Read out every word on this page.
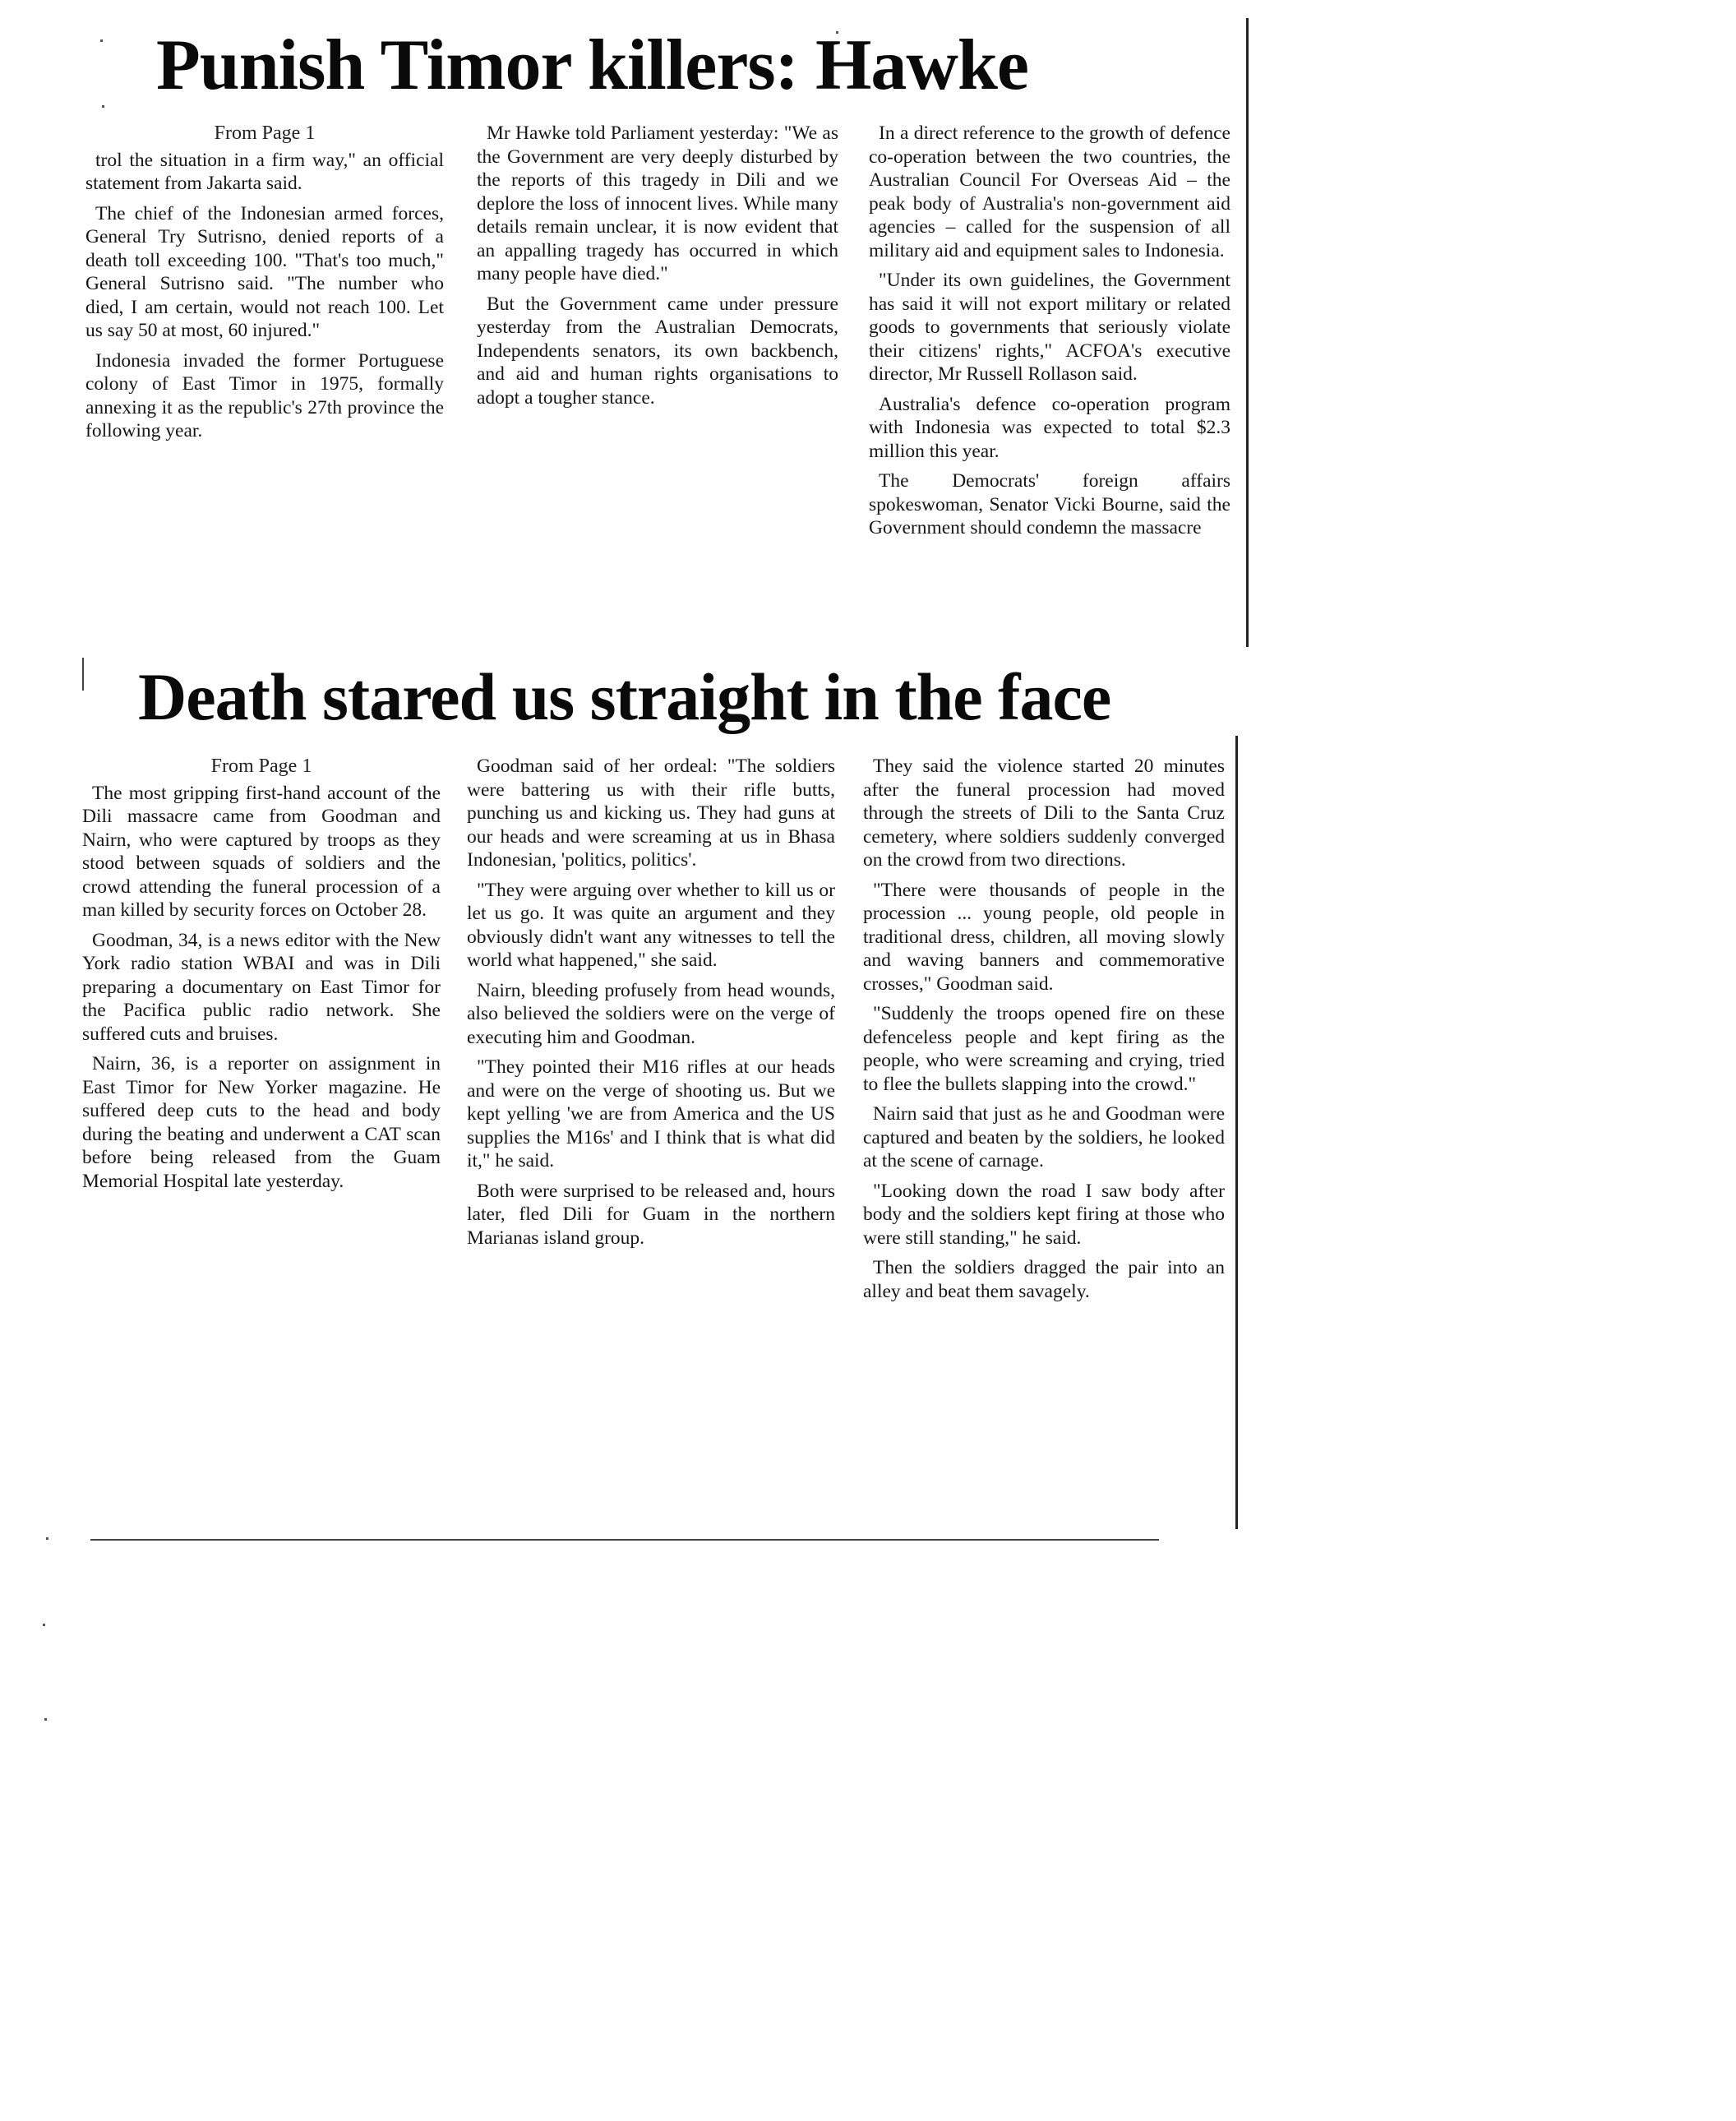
Punish Timor killers: Hawke

From Page 1

trol the situation in a firm way," an official statement from Jakarta said.

The chief of the Indonesian armed forces, General Try Sutrisno, denied reports of a death toll exceeding 100. "That's too much," General Sutrisno said. "The number who died, I am certain, would not reach 100. Let us say 50 at most, 60 injured."

Indonesia invaded the former Portuguese colony of East Timor in 1975, formally annexing it as the republic's 27th province the following year.

Mr Hawke told Parliament yesterday: "We as the Government are very deeply disturbed by the reports of this tragedy in Dili and we deplore the loss of innocent lives. While many details remain unclear, it is now evident that an appalling tragedy has occurred in which many people have died."

But the Government came under pressure yesterday from the Australian Democrats, Independents senators, its own backbench, and aid and human rights organisations to adopt a tougher stance.

In a direct reference to the growth of defence co-operation between the two countries, the Australian Council For Overseas Aid – the peak body of Australia's non-government aid agencies – called for the suspension of all military aid and equipment sales to Indonesia.

"Under its own guidelines, the Government has said it will not export military or related goods to governments that seriously violate their citizens' rights," ACFOA's executive director, Mr Russell Rollason said.

Australia's defence co-operation program with Indonesia was expected to total $2.3 million this year.

The Democrats' foreign affairs spokeswoman, Senator Vicki Bourne, said the Government should condemn the massacre

Death stared us straight in the face

From Page 1

The most gripping first-hand account of the Dili massacre came from Goodman and Nairn, who were captured by troops as they stood between squads of soldiers and the crowd attending the funeral procession of a man killed by security forces on October 28.

Goodman, 34, is a news editor with the New York radio station WBAI and was in Dili preparing a documentary on East Timor for the Pacifica public radio network. She suffered cuts and bruises.

Nairn, 36, is a reporter on assignment in East Timor for New Yorker magazine. He suffered deep cuts to the head and body during the beating and underwent a CAT scan before being released from the Guam Memorial Hospital late yesterday.

Goodman said of her ordeal: "The soldiers were battering us with their rifle butts, punching us and kicking us. They had guns at our heads and were screaming at us in Bhasa Indonesian, 'politics, politics'.

"They were arguing over whether to kill us or let us go. It was quite an argument and they obviously didn't want any witnesses to tell the world what happened," she said.

Nairn, bleeding profusely from head wounds, also believed the soldiers were on the verge of executing him and Goodman.

"They pointed their M16 rifles at our heads and were on the verge of shooting us. But we kept yelling 'we are from America and the US supplies the M16s' and I think that is what did it," he said.

Both were surprised to be released and, hours later, fled Dili for Guam in the northern Marianas island group.

They said the violence started 20 minutes after the funeral procession had moved through the streets of Dili to the Santa Cruz cemetery, where soldiers suddenly converged on the crowd from two directions.

"There were thousands of people in the procession ... young people, old people in traditional dress, children, all moving slowly and waving banners and commemorative crosses," Goodman said.

"Suddenly the troops opened fire on these defenceless people and kept firing as the people, who were screaming and crying, tried to flee the bullets slapping into the crowd."

Nairn said that just as he and Goodman were captured and beaten by the soldiers, he looked at the scene of carnage.

"Looking down the road I saw body after body and the soldiers kept firing at those who were still standing," he said.

Then the soldiers dragged the pair into an alley and beat them savagely.
